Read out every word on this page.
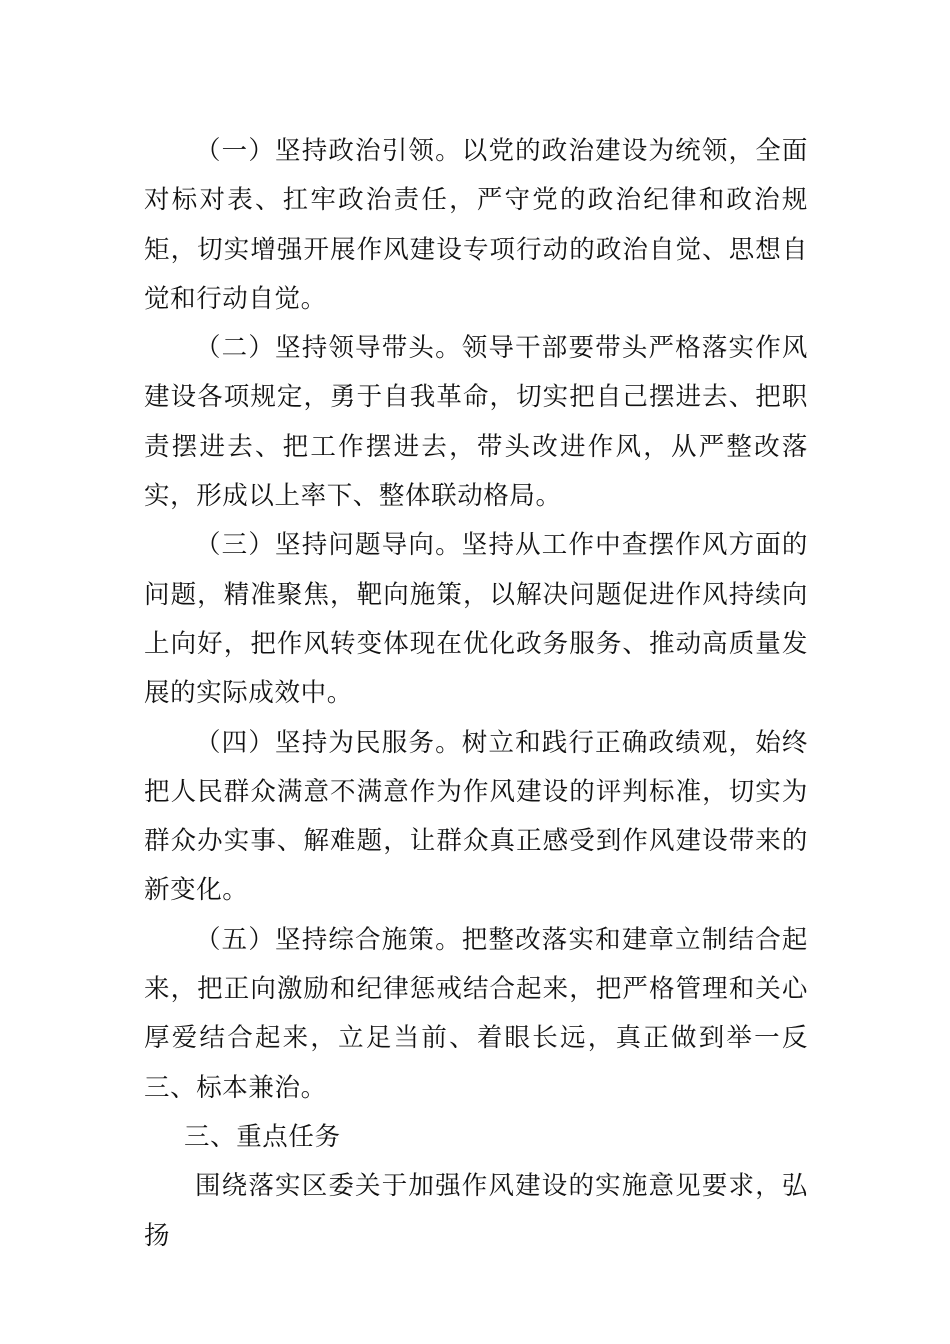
（一）坚持政治引领。以党的政治建设为统领，全面对标对表、扛牢政治责任，严守党的政治纪律和政治规矩，切实增强开展作风建设专项行动的政治自觉、思想自觉和行动自觉。

（二）坚持领导带头。领导干部要带头严格落实作风建设各项规定，勇于自我革命，切实把自己摆进去、把职责摆进去、把工作摆进去，带头改进作风，从严整改落实，形成以上率下、整体联动格局。

（三）坚持问题导向。坚持从工作中查摆作风方面的问题，精准聚焦，靶向施策，以解决问题促进作风持续向上向好，把作风转变体现在优化政务服务、推动高质量发展的实际成效中。

（四）坚持为民服务。树立和践行正确政绩观，始终把人民群众满意不满意作为作风建设的评判标准，切实为群众办实事、解难题，让群众真正感受到作风建设带来的新变化。

（五）坚持综合施策。把整改落实和建章立制结合起来，把正向激励和纪律惩戒结合起来，把严格管理和关心厚爱结合起来，立足当前、着眼长远，真正做到举一反三、标本兼治。

三、重点任务

围绕落实区委关于加强作风建设的实施意见要求，弘扬
